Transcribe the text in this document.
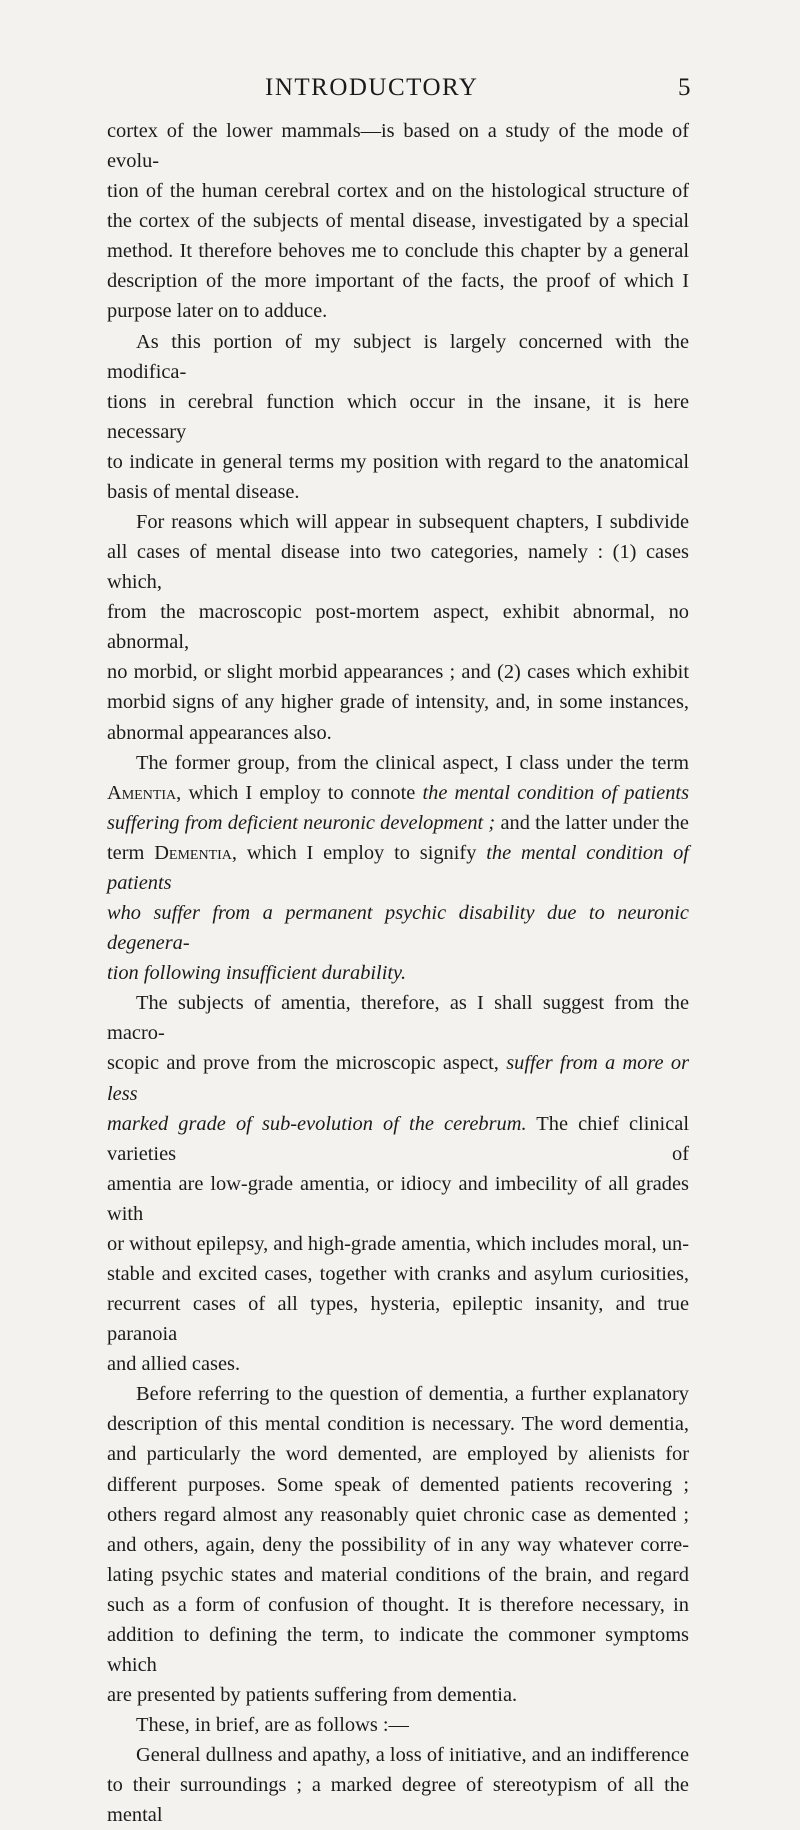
INTRODUCTORY	5

cortex of the lower mammals—is based on a study of the mode of evolu-

tion of the human cerebral cortex and on the histological structure of

the cortex of the subjects of mental disease, investigated by a special

method. It therefore behoves me to conclude this chapter by a general

description of the more important of the facts, the proof of which I

purpose later on to adduce.

As this portion of my subject is largely concerned with the modifica-

tions in cerebral function which occur in the insane, it is here necessary

to indicate in general terms my position with regard to the anatomical

basis of mental disease.

For reasons which will appear in subsequent chapters, I subdivide

all cases of mental disease into two categories, namely : (1) cases which,

from the macroscopic post-mortem aspect, exhibit abnormal, no abnormal,

no morbid, or slight morbid appearances ; and (2) cases which exhibit

morbid signs of any higher grade of intensity, and, in some instances,

abnormal appearances also.

The former group, from the clinical aspect, I class under the term

Amentia, which I employ to connote the mental condition of patients

suffering from deficient neuronic development ; and the latter under the

term Dementia, which I employ to signify the mental condition of patients

who suffer from a permanent psychic disability due to neuronic degenera-

tion following insufficient durability.

The subjects of amentia, therefore, as I shall suggest from the macro-

scopic and prove from the microscopic aspect, suffer from a more or less

marked grade of sub-evolution of the cerebrum. The chief clinical varieties of

amentia are low-grade amentia, or idiocy and imbecility of all grades with

or without epilepsy, and high-grade amentia, which includes moral, un-

stable and excited cases, together with cranks and asylum curiosities,

recurrent cases of all types, hysteria, epileptic insanity, and true paranoia

and allied cases.

Before referring to the question of dementia, a further explanatory

description of this mental condition is necessary. The word dementia,

and particularly the word demented, are employed by alienists for

different purposes. Some speak of demented patients recovering ;

others regard almost any reasonably quiet chronic case as demented ;

and others, again, deny the possibility of in any way whatever corre-

lating psychic states and material conditions of the brain, and regard

such as a form of confusion of thought. It is therefore necessary, in

addition to defining the term, to indicate the commoner symptoms which

are presented by patients suffering from dementia.

These, in brief, are as follows :—

General dullness and apathy, a loss of initiative, and an indifference

to their surroundings ; a marked degree of stereotypism of all the mental
